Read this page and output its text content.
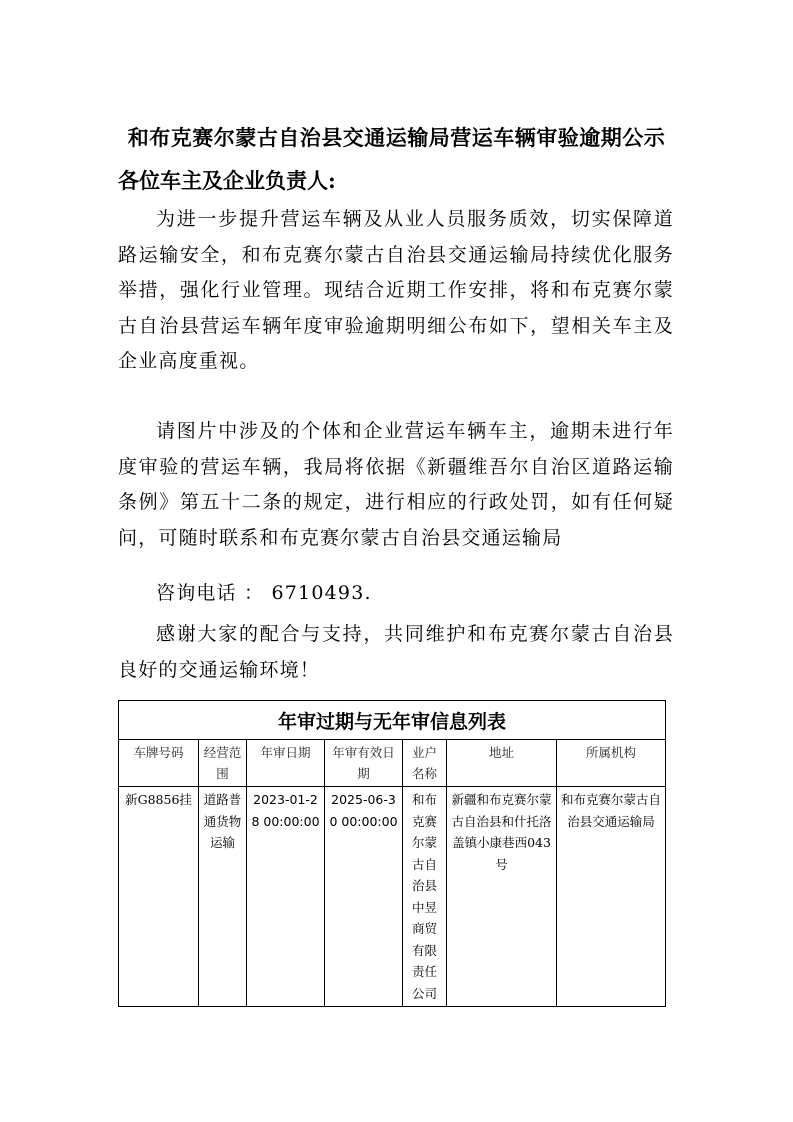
和布克赛尔蒙古自治县交通运输局营运车辆审验逾期公示
各位车主及企业负责人:

为进一步提升营运车辆及从业人员服务质效，切实保障道路运输安全，和布克赛尔蒙古自治县交通运输局持续优化服务举措，强化行业管理。现结合近期工作安排，将和布克赛尔蒙古自治县营运车辆年度审验逾期明细公布如下，望相关车主及企业高度重视。

请图片中涉及的个体和企业营运车辆车主，逾期未进行年度审验的营运车辆，我局将依据《新疆维吾尔自治区道路运输条例》第五十二条的规定，进行相应的行政处罚，如有任何疑问，可随时联系和布克赛尔蒙古自治县交通运输局

咨询电话 ： 6710493.

感谢大家的配合与支持，共同维护和布克赛尔蒙古自治县良好的交通运输环境！

年审过期与无年审信息列表						
车牌号码	经营范围	年审日期	年审有效日期	业户名称	地址	所属机构
新G8856挂	道路普通货物运输	2023-01-28 00:00:00	2025-06-30 00:00:00	和布克赛尔蒙古自治县中昱商贸有限责任公司	新疆和布克赛尔蒙古自治县和什托洛盖镇小康巷西043号	和布克赛尔蒙古自治县交通运输局
